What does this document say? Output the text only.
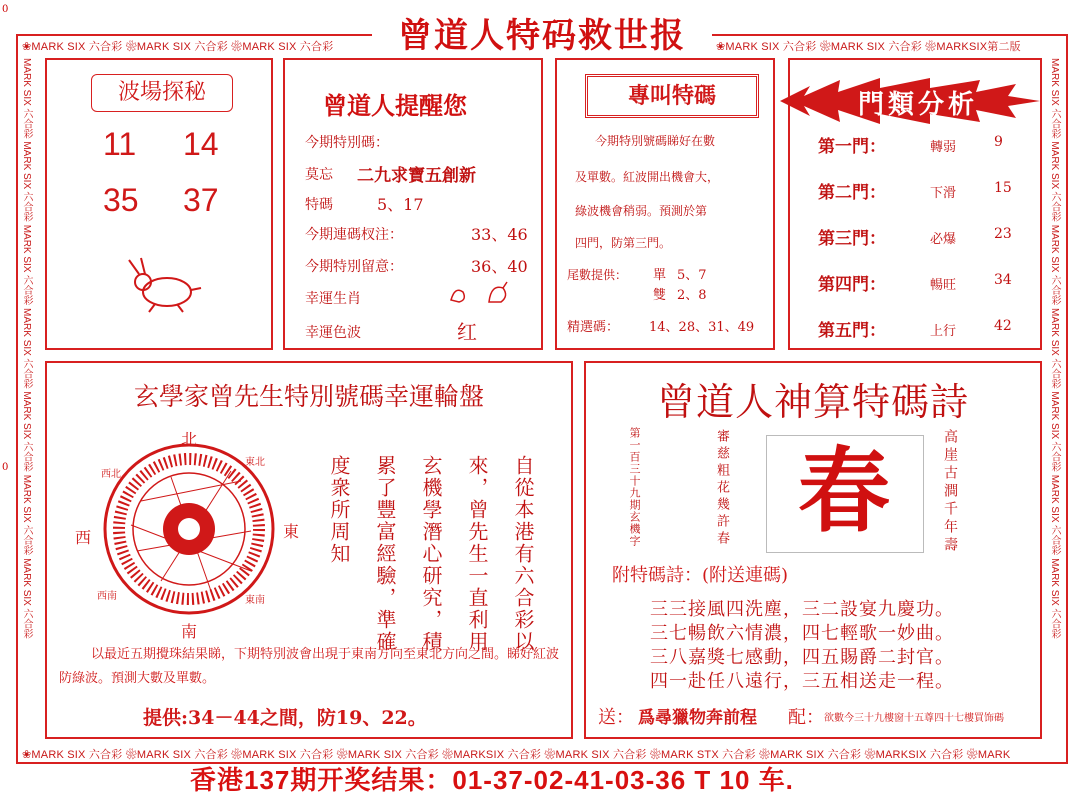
0
0
❀MARK SIX 六合彩 ❀MARK SIX 六合彩 ❀MARK SIX 六合彩	❀MARK SIX 六合彩 ❀MARK SIX 六合彩 ❀MARKSIX第二版
曾道人特码救世报
MARK SIX 六合彩 MARK SIX 六合彩 MARK SIX 六合彩 MARK SIX 六合彩 MARK SIX 六合彩 MARK SIX 六合彩 MARK SIX 六合彩	MARK SIX 六合彩 MARK SIX 六合彩 MARK SIX 六合彩 MARK SIX 六合彩 MARK SIX 六合彩 MARK SIX 六合彩 MARK SIX 六合彩
波場探秘
11 14
35 37
曾道人提醒您
今期特別碼：
莫忘 二九求寶五創新
特碼	5、17
今期連碼杈注：	33、46
今期特別留意：	36、40
幸運生肖
幸運色波	红
專叫特碼
今期特別號碼睇好在數
及單數。紅波開出機會大，
綠波機會稍弱。預測於第
四門，防第三門。
尾數提供： 單 5、7
雙 2、8
精選碼： 14、28、31、49
門類分析
第一門：	轉弱	9
第二門：	下滑	15
第三門：	必爆	23
第四門：	暢旺	34
第五門：	上行	42
玄學家曾先生特別號碼幸運輪盤
北
南
東
西
東北
西北
東南
西南	自從本港有六合彩以
來，曾先生一直利用
玄機學潛心研究，積
累了豐富經驗，準確
度衆所周知
以最近五期攪珠結果睇，下期特別波會出現于東南方向至東北方向之間。睇好紅波防綠波。預測大數及單數。
提供:34－44之間，防19、22。
曾道人神算特碼詩
第一百三十九期玄機字	審慈粗花幾許春 春	高崖古澗千年壽
附特碼詩：(附送連碼)
三三接風四洗塵，三二設宴九慶功。
三七暢飲六情濃，四七輕歌一妙曲。
三八嘉獎七感動，四五賜爵二封官。
四一赴任八遠行，三五相送走一程。
送： 爲尋獵物奔前程 配： 欲數今三十九樓窗十五尊四十七樓買饰碼
❀MARK SIX 六合彩 ❀MARK SIX 六合彩 ❀MARK SIX 六合彩 ❀MARK SIX 六合彩 ❀MARKSIX 六合彩 ❀MARK SIX 六合彩 ❀MARK STX 六合彩 ❀MARK SIX 六合彩 ❀MARKSIX 六合彩 ❀MARK
香港137期开奖结果：01-37-02-41-03-36 T 10 车.
